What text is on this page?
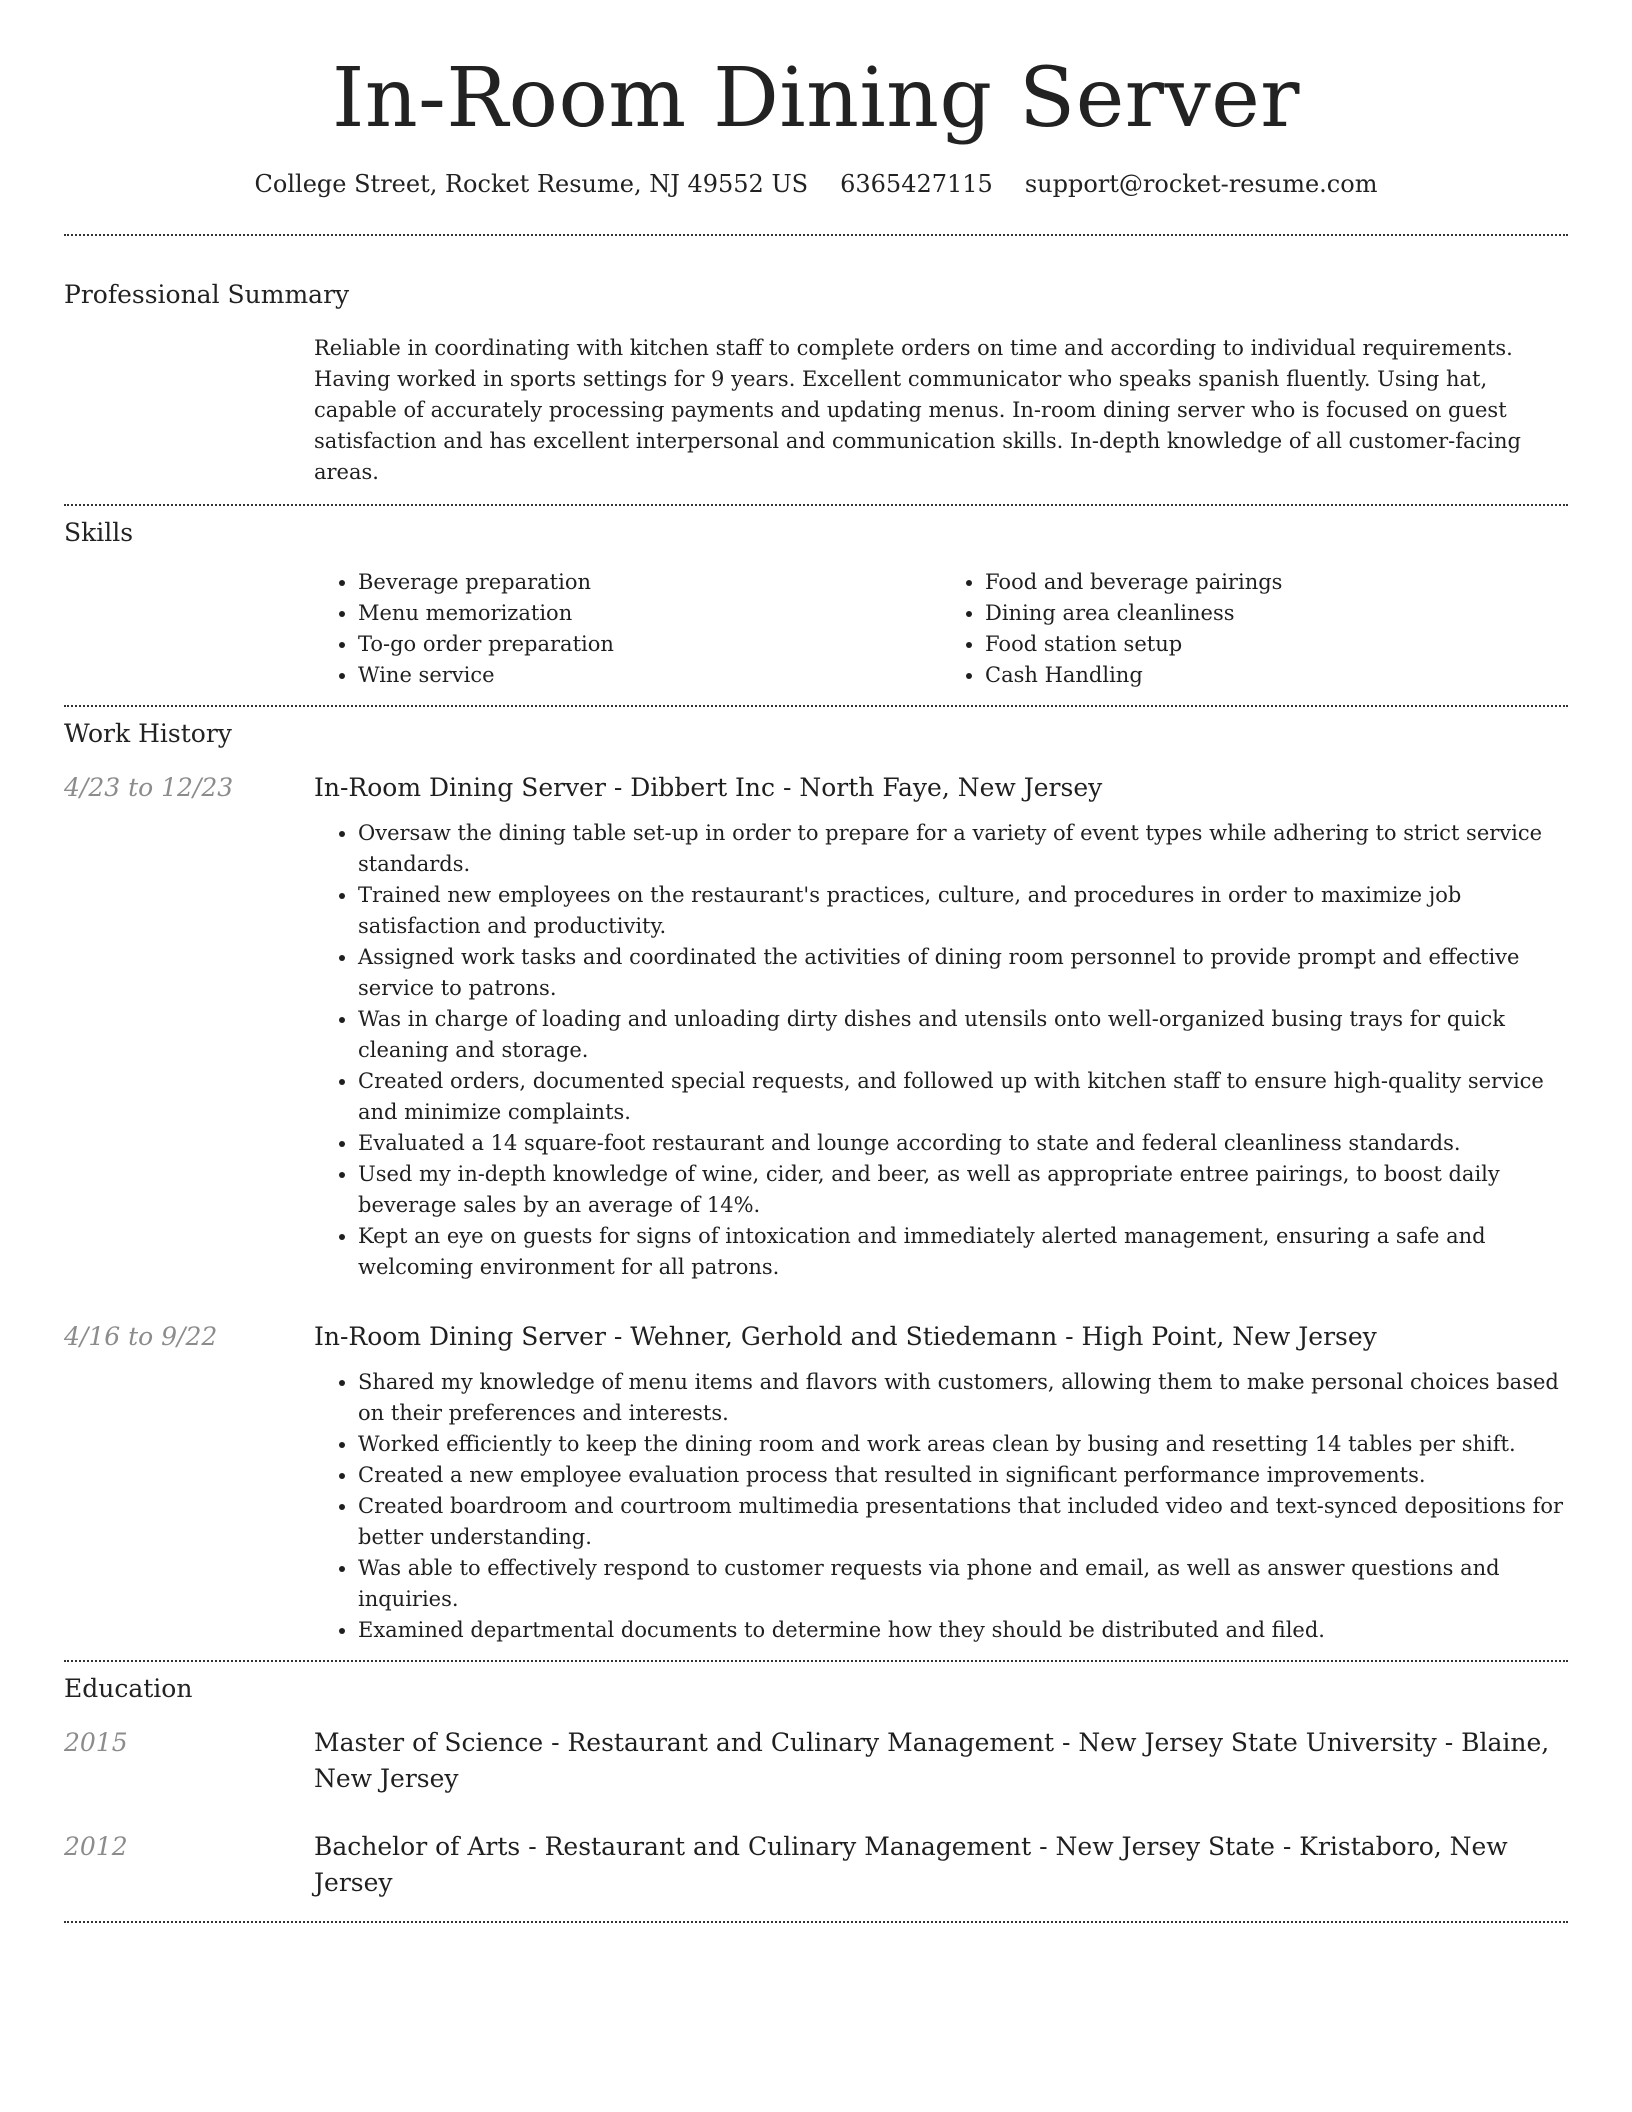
In-Room Dining Server
College Street, Rocket Resume, NJ 49552 US 6365427115 support@rocket-resume.com
Professional Summary

Reliable in coordinating with kitchen staff to complete orders on time and according to individual requirements. Having worked in sports settings for 9 years. Excellent communicator who speaks spanish fluently. Using hat, capable of accurately processing payments and updating menus. In-room dining server who is focused on guest satisfaction and has excellent interpersonal and communication skills. In-depth knowledge of all customer-facing areas.

Skills
• Beverage preparation
• Menu memorization
• To-go order preparation
• Wine service
• Food and beverage pairings
• Dining area cleanliness
• Food station setup
• Cash Handling
Work History
4/23 to 12/23	In-Room Dining Server - Dibbert Inc - North Faye, New Jersey
• Oversaw the dining table set-up in order to prepare for a variety of event types while adhering to strict service standards.
• Trained new employees on the restaurant's practices, culture, and procedures in order to maximize job satisfaction and productivity.
• Assigned work tasks and coordinated the activities of dining room personnel to provide prompt and effective service to patrons.
• Was in charge of loading and unloading dirty dishes and utensils onto well-organized busing trays for quick cleaning and storage.
• Created orders, documented special requests, and followed up with kitchen staff to ensure high-quality service and minimize complaints.
• Evaluated a 14 square-foot restaurant and lounge according to state and federal cleanliness standards.
• Used my in-depth knowledge of wine, cider, and beer, as well as appropriate entree pairings, to boost daily beverage sales by an average of 14%.
• Kept an eye on guests for signs of intoxication and immediately alerted management, ensuring a safe and welcoming environment for all patrons.
4/16 to 9/22	In-Room Dining Server - Wehner, Gerhold and Stiedemann - High Point, New Jersey
• Shared my knowledge of menu items and flavors with customers, allowing them to make personal choices based on their preferences and interests.
• Worked efficiently to keep the dining room and work areas clean by busing and resetting 14 tables per shift.
• Created a new employee evaluation process that resulted in significant performance improvements.
• Created boardroom and courtroom multimedia presentations that included video and text-synced depositions for better understanding.
• Was able to effectively respond to customer requests via phone and email, as well as answer questions and inquiries.
• Examined departmental documents to determine how they should be distributed and filed.
Education
2015	Master of Science - Restaurant and Culinary Management - New Jersey State University - Blaine, New Jersey

2012	Bachelor of Arts - Restaurant and Culinary Management - New Jersey State - Kristaboro, New Jersey
